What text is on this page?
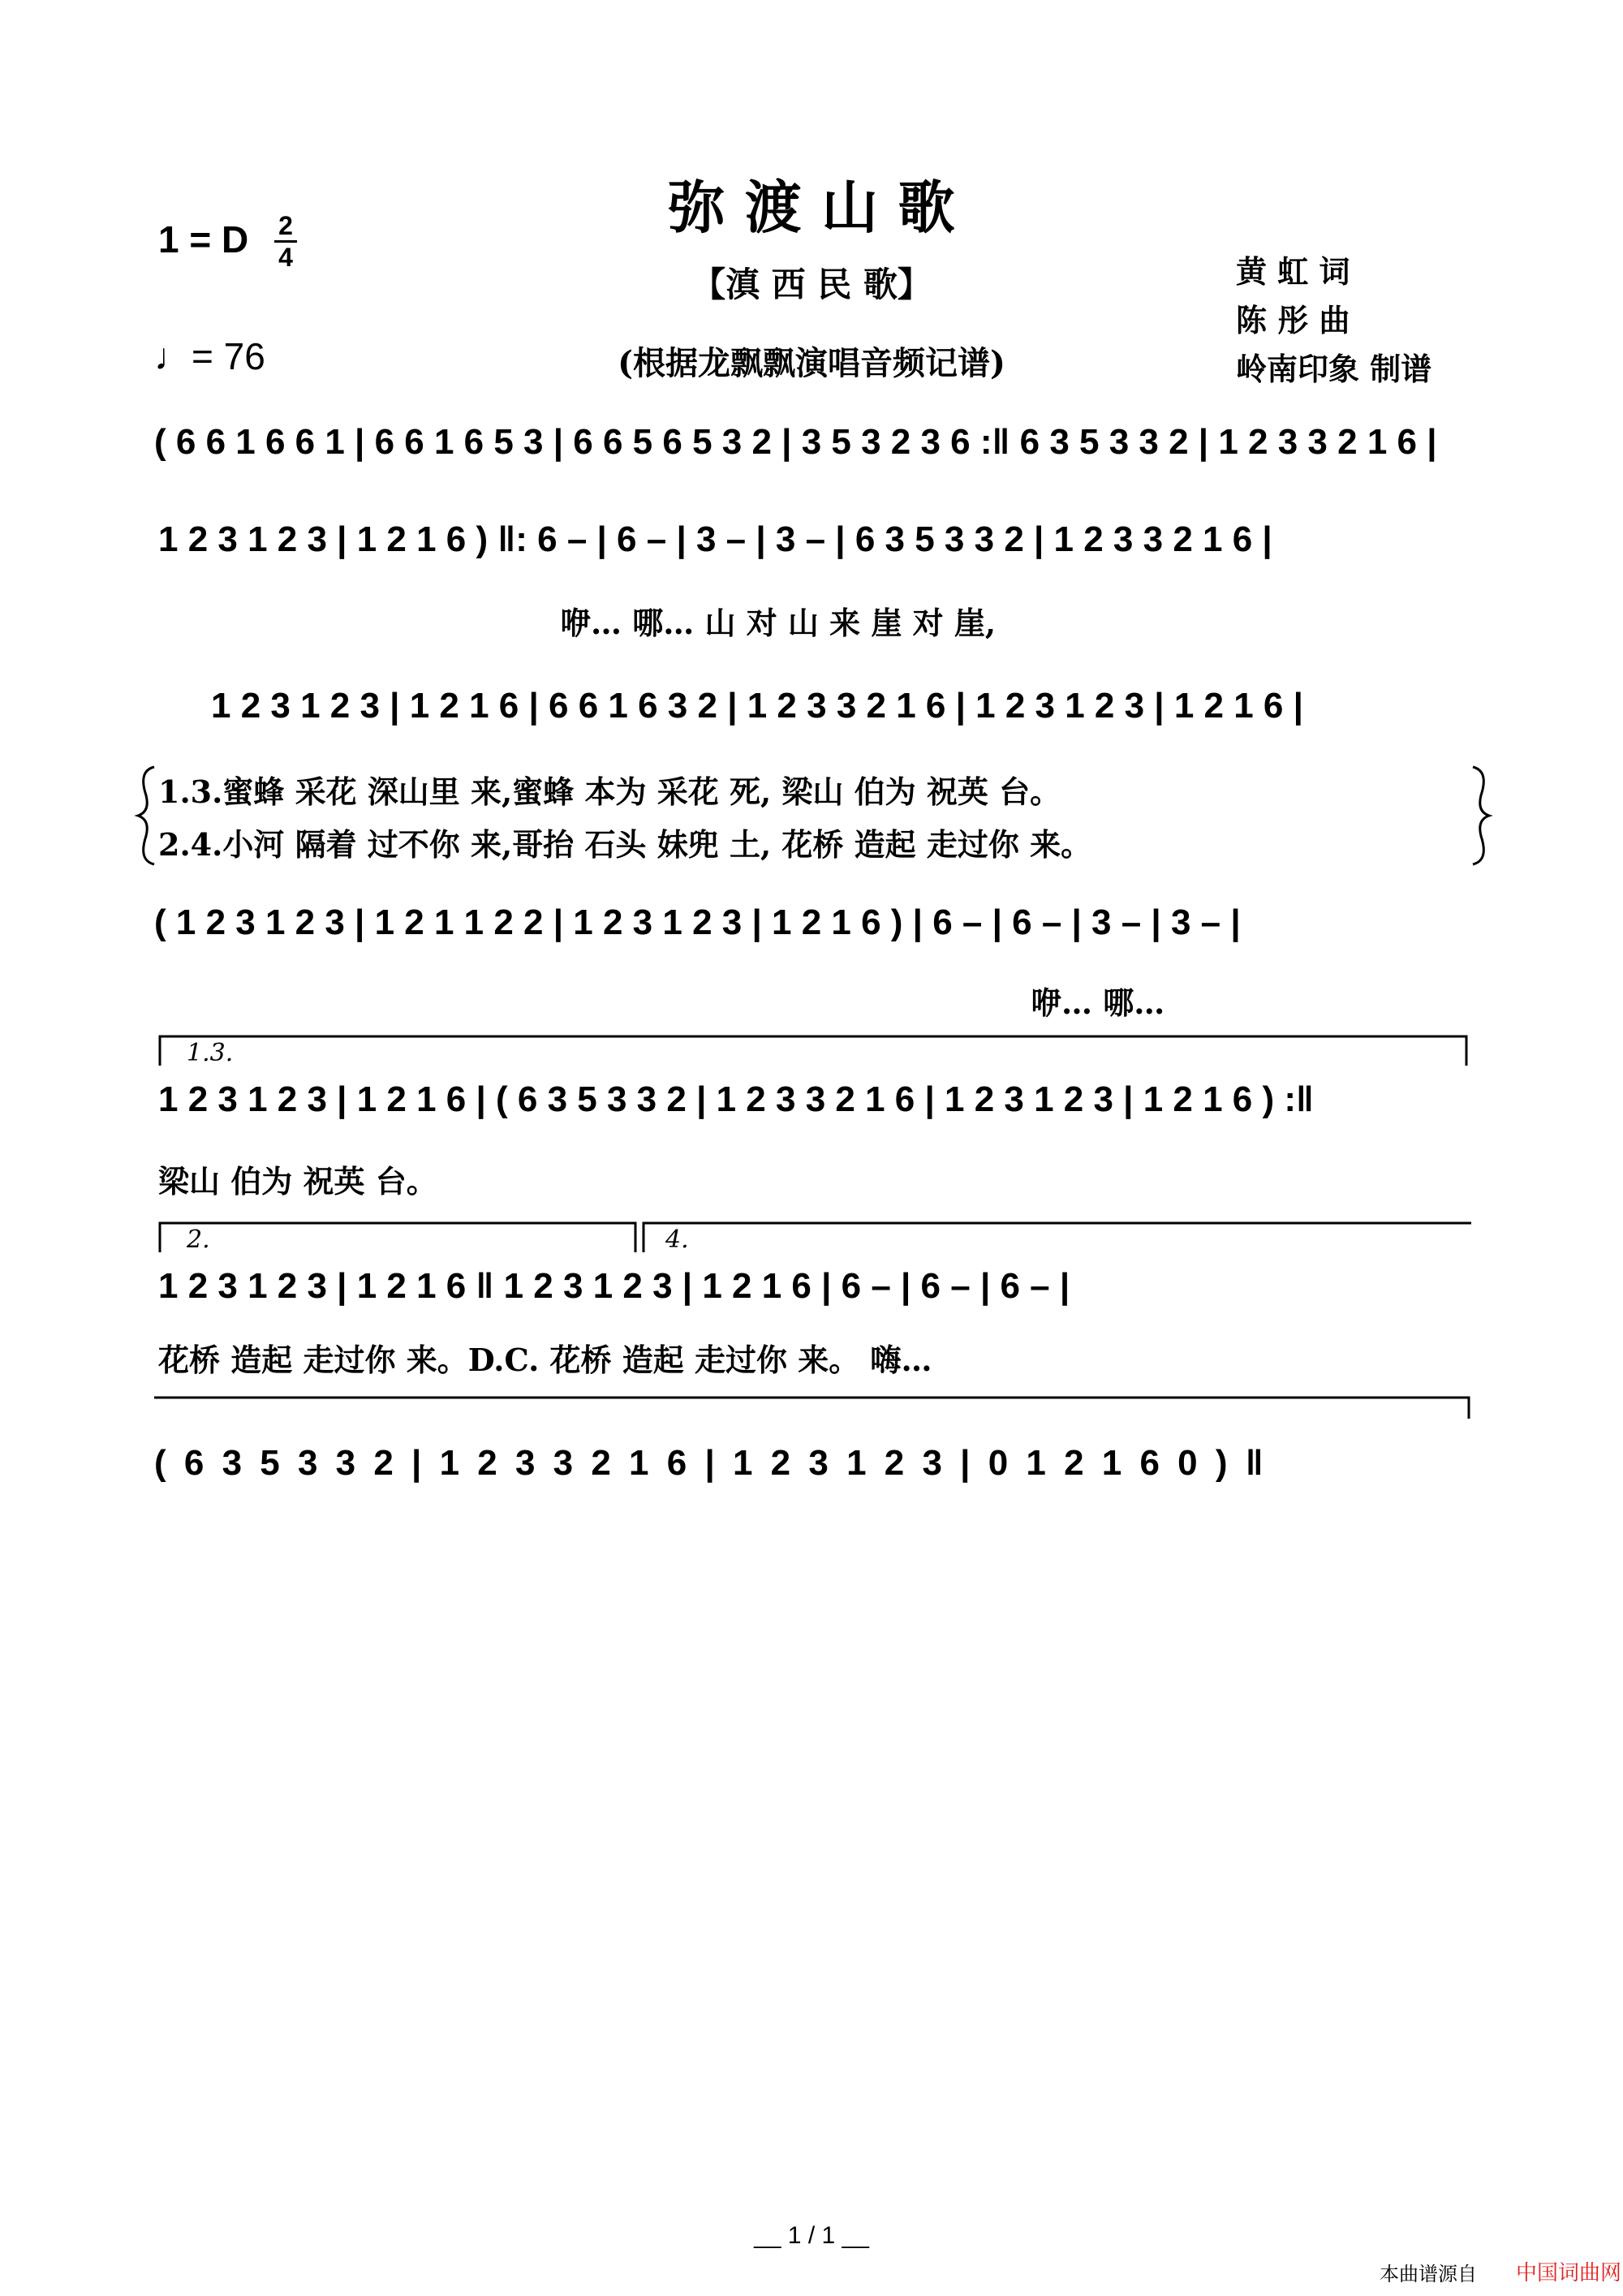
弥 渡 山 歌
【滇 西 民 歌】
(根据龙飘飘演唱音频记谱)
1 = D 2
4
♩= 76
黄 虹 词
陈 彤 曲
岭南印象 制谱
( 6 6 1 6 6 1 | 6 6 1 6 5 3 | 6 6 5 6 5 3 2 | 3 5 3 2 3 6 :‖ 6 3 5 3 3 2 | 1 2 3 3 2 1 6 |
1 2 3 1 2 3 | 1 2 1 6 ) ‖: 6 – | 6 – | 3 – | 3 – | 6 3 5 3 3 2 | 1 2 3 3 2 1 6 |
咿… 哪… 山 对 山 来 崖 对 崖,
1 2 3 1 2 3 | 1 2 1 6 | 6 6 1 6 3 2 | 1 2 3 3 2 1 6 | 1 2 3 1 2 3 | 1 2 1 6 |
1.3.蜜蜂 采花 深山里 来,蜜蜂 本为 采花 死, 梁山 伯为 祝英 台。
2.4.小河 隔着 过不你 来,哥抬 石头 妹兜 土, 花桥 造起 走过你 来。
( 1 2 3 1 2 3 | 1 2 1 1 2 2 | 1 2 3 1 2 3 | 1 2 1 6 ) | 6 – | 6 – | 3 – | 3 – |
咿… 哪…
1.3.
1 2 3 1 2 3 | 1 2 1 6 | ( 6 3 5 3 3 2 | 1 2 3 3 2 1 6 | 1 2 3 1 2 3 | 1 2 1 6 ) :‖
梁山 伯为 祝英 台。
2.	4.
1 2 3 1 2 3 | 1 2 1 6 ‖ 1 2 3 1 2 3 | 1 2 1 6 | 6 – | 6 – | 6 – |
花桥 造起 走过你 来。D.C. 花桥 造起 走过你 来。 嗨…
( 6 3 5 3 3 2 | 1 2 3 3 2 1 6 | 1 2 3 1 2 3 | 0 1 2 1 6 0 ) ‖
__ 1 / 1 __
本曲谱源自 中国词曲网
